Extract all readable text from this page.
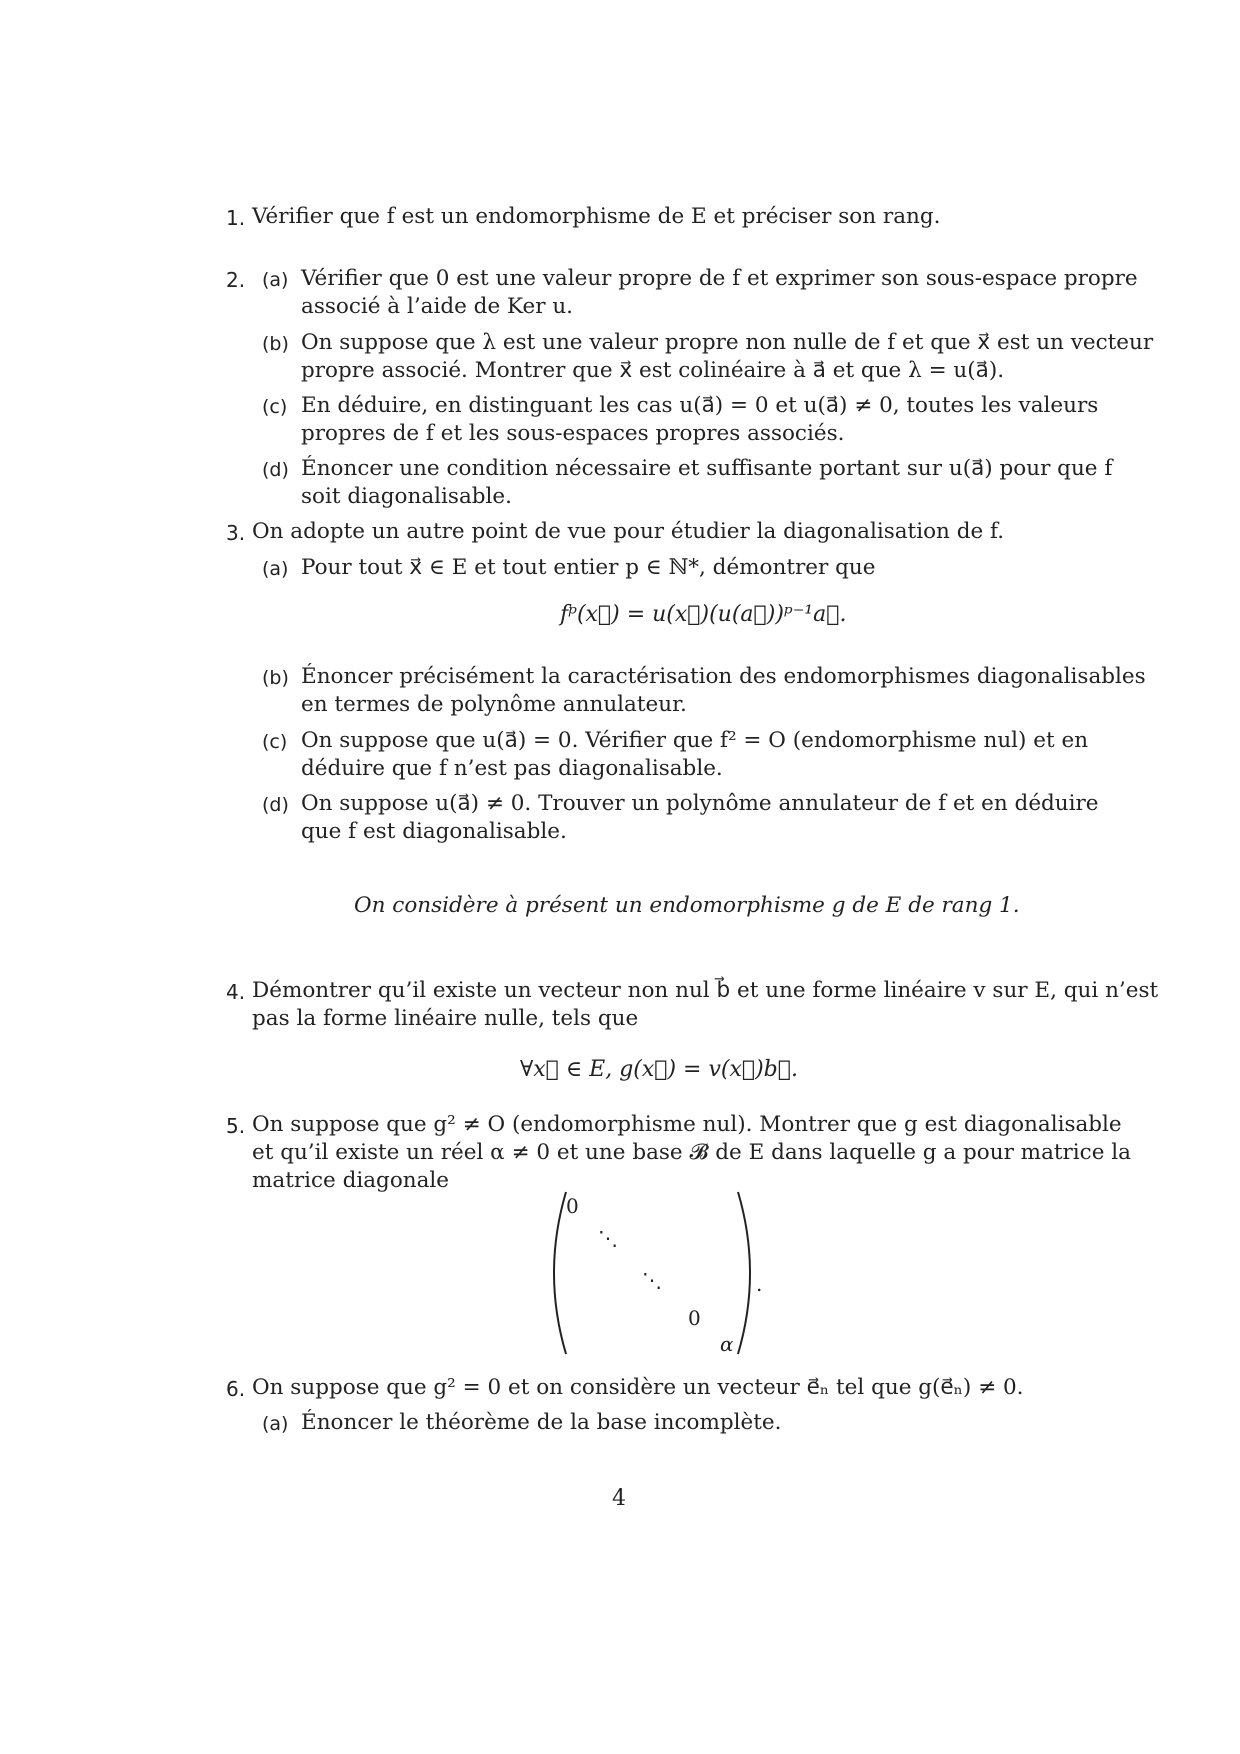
1. Vérifier que f est un endomorphisme de E et préciser son rang.
2. (a) Vérifier que 0 est une valeur propre de f et exprimer son sous-espace propre
associé à l’aide de Ker u.
(b) On suppose que λ est une valeur propre non nulle de f et que x⃗ est un vecteur
propre associé. Montrer que x⃗ est colinéaire à a⃗ et que λ = u(a⃗).
(c) En déduire, en distinguant les cas u(a⃗) = 0 et u(a⃗) ≠ 0, toutes les valeurs
propres de f et les sous-espaces propres associés.
(d) Énoncer une condition nécessaire et suffisante portant sur u(a⃗) pour que f
soit diagonalisable.
3. On adopte un autre point de vue pour étudier la diagonalisation de f.
(a) Pour tout x⃗ ∈ E et tout entier p ∈ ℕ*, démontrer que
fᵖ(x⃗) = u(x⃗)(u(a⃗))ᵖ⁻¹a⃗.
(b) Énoncer précisément la caractérisation des endomorphismes diagonalisables
en termes de polynôme annulateur.
(c) On suppose que u(a⃗) = 0. Vérifier que f² = O (endomorphisme nul) et en
déduire que f n’est pas diagonalisable.
(d) On suppose u(a⃗) ≠ 0. Trouver un polynôme annulateur de f et en déduire
que f est diagonalisable.
On considère à présent un endomorphisme g de E de rang 1.
4. Démontrer qu’il existe un vecteur non nul b⃗ et une forme linéaire v sur E, qui n’est
pas la forme linéaire nulle, tels que
∀x⃗ ∈ E, g(x⃗) = v(x⃗)b⃗.
5. On suppose que g² ≠ O (endomorphisme nul). Montrer que g est diagonalisable
et qu’il existe un réel α ≠ 0 et une base 𝓑 de E dans laquelle g a pour matrice la
matrice diagonale
0
⋱
⋱
0
α
.
6. On suppose que g² = 0 et on considère un vecteur e⃗ₙ tel que g(e⃗ₙ) ≠ 0.
(a) Énoncer le théorème de la base incomplète.
4
